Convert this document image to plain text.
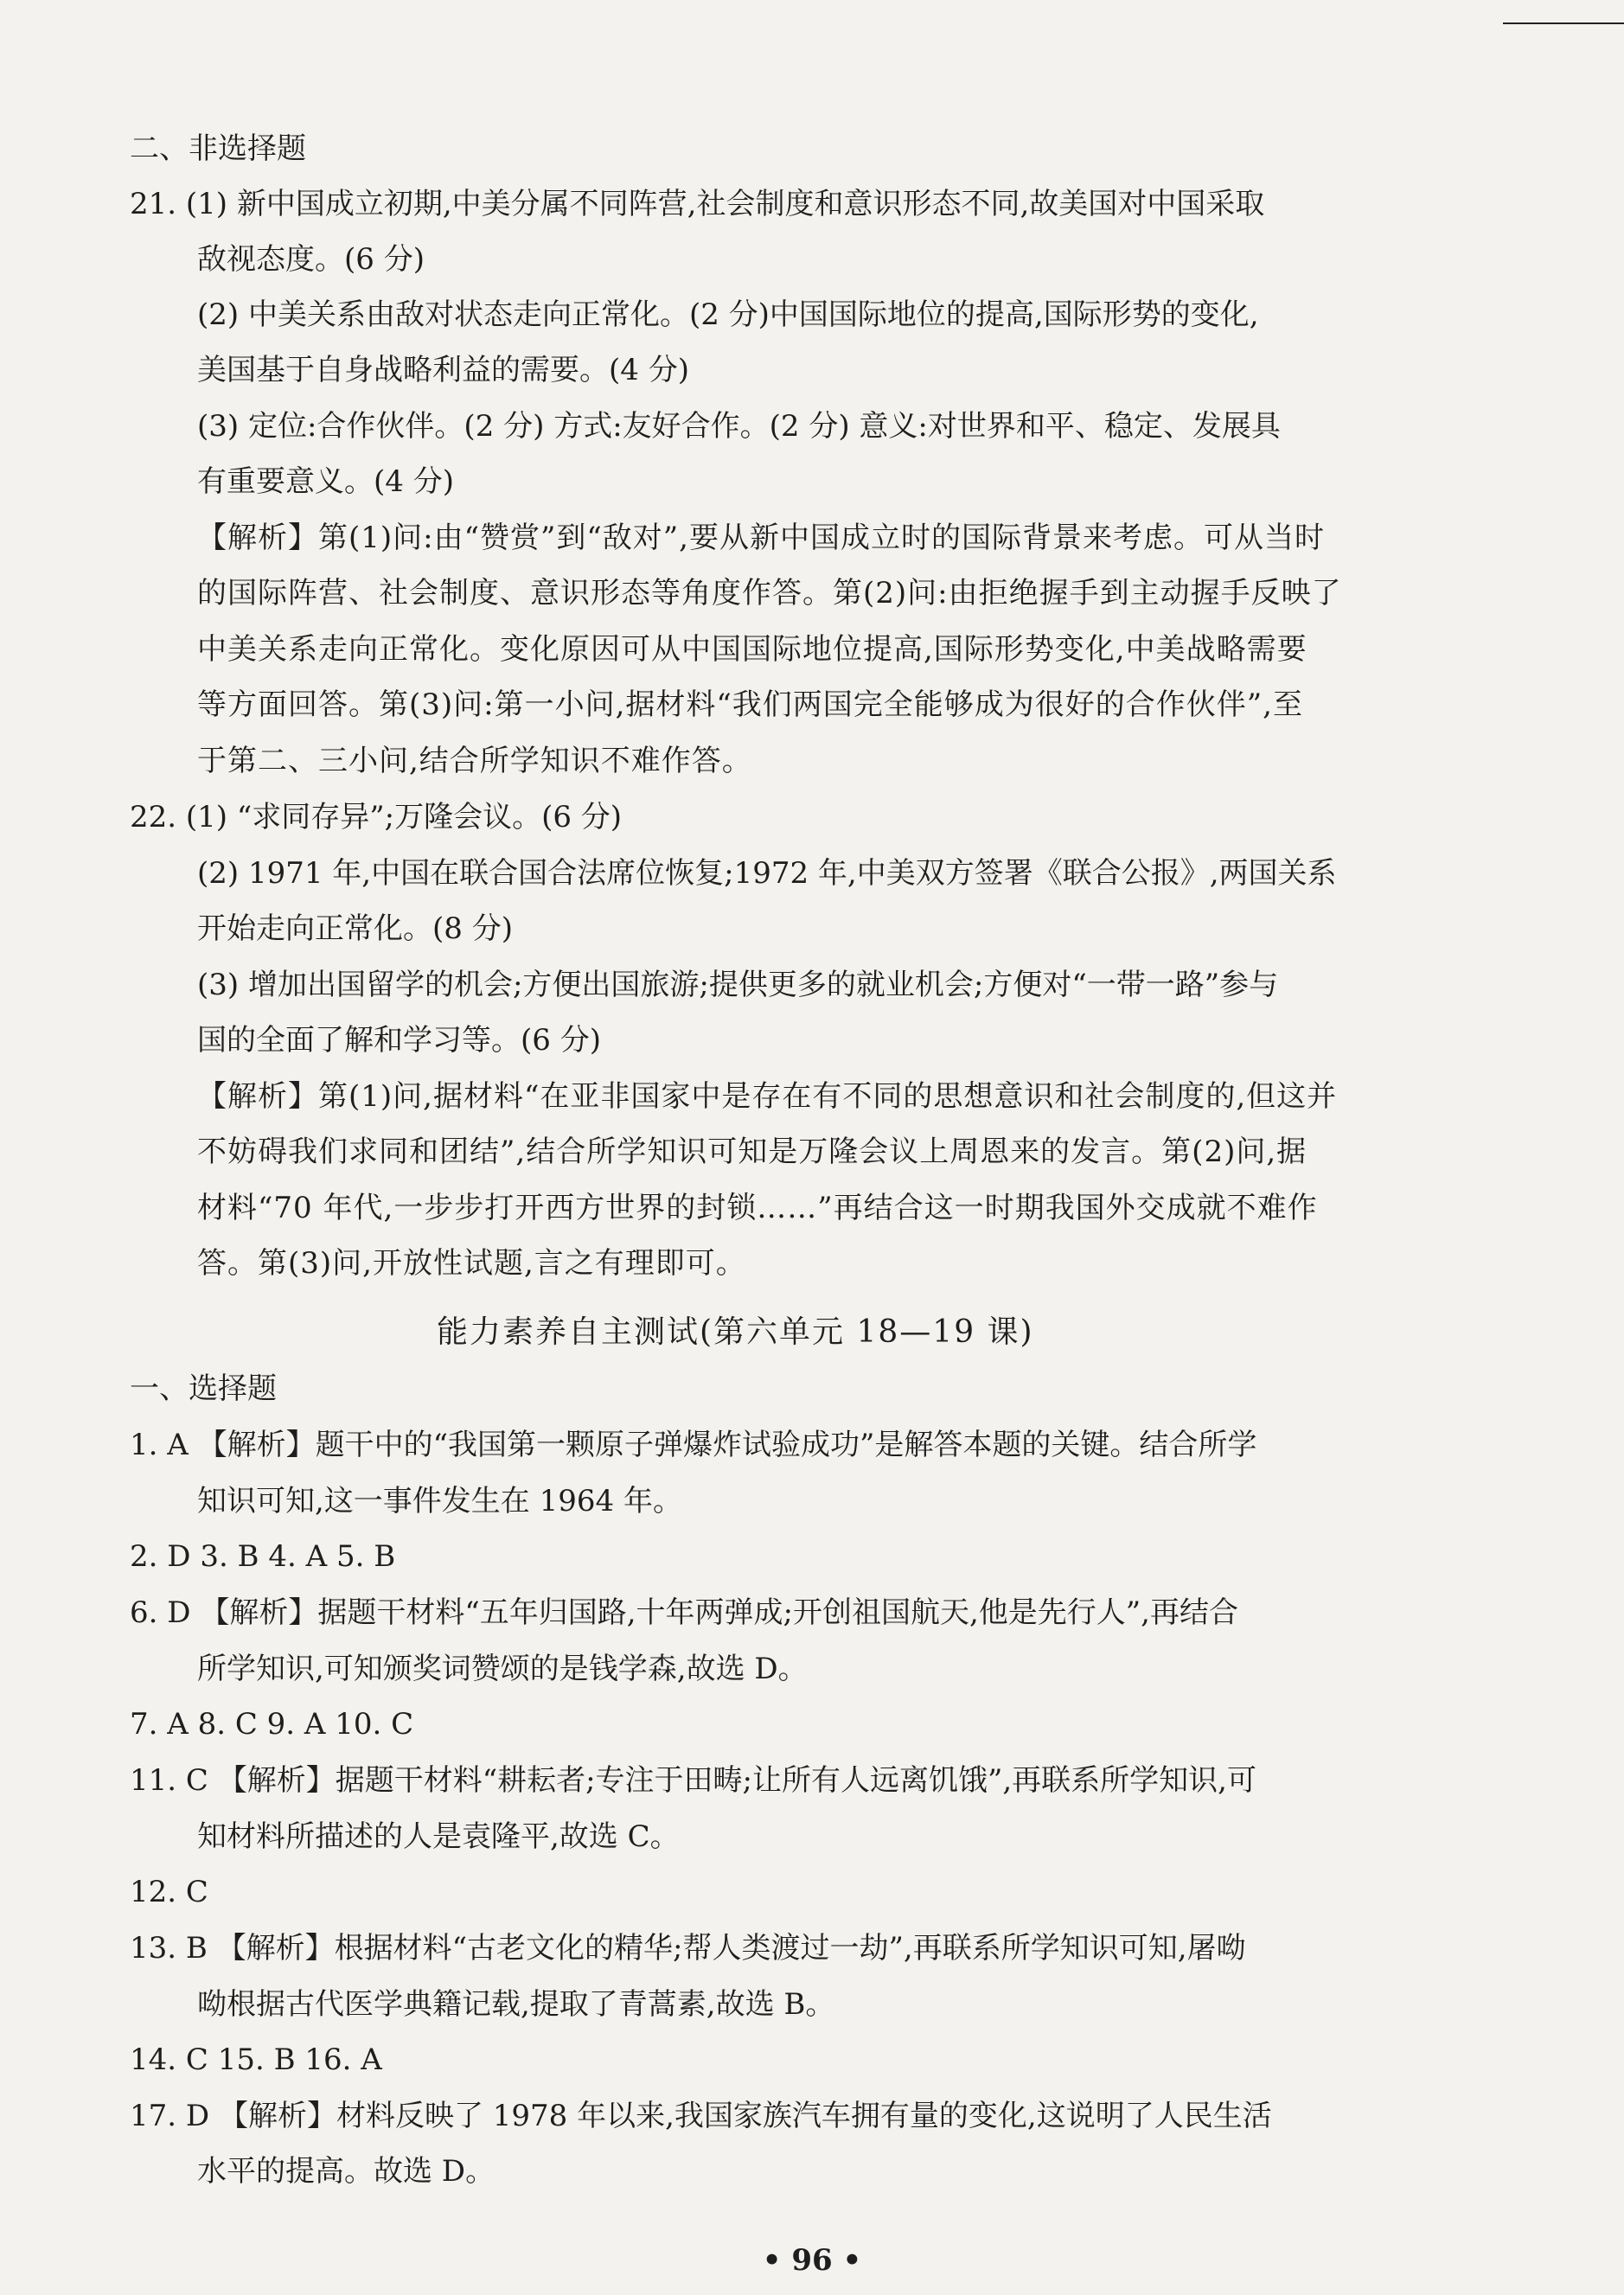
二、非选择题
21. (1) 新中国成立初期,中美分属不同阵营,社会制度和意识形态不同,故美国对中国采取
敌视态度。(6 分)
(2) 中美关系由敌对状态走向正常化。(2 分)中国国际地位的提高,国际形势的变化,
美国基于自身战略利益的需要。(4 分)
(3) 定位:合作伙伴。(2 分) 方式:友好合作。(2 分) 意义:对世界和平、稳定、发展具
有重要意义。(4 分)
【解析】第(1)问:由“赞赏”到“敌对”,要从新中国成立时的国际背景来考虑。可从当时
的国际阵营、社会制度、意识形态等角度作答。第(2)问:由拒绝握手到主动握手反映了
中美关系走向正常化。变化原因可从中国国际地位提高,国际形势变化,中美战略需要
等方面回答。第(3)问:第一小问,据材料“我们两国完全能够成为很好的合作伙伴”,至
于第二、三小问,结合所学知识不难作答。
22. (1) “求同存异”;万隆会议。(6 分)
(2) 1971 年,中国在联合国合法席位恢复;1972 年,中美双方签署《联合公报》,两国关系
开始走向正常化。(8 分)
(3) 增加出国留学的机会;方便出国旅游;提供更多的就业机会;方便对“一带一路”参与
国的全面了解和学习等。(6 分)
【解析】第(1)问,据材料“在亚非国家中是存在有不同的思想意识和社会制度的,但这并
不妨碍我们求同和团结”,结合所学知识可知是万隆会议上周恩来的发言。第(2)问,据
材料“70 年代,一步步打开西方世界的封锁……”再结合这一时期我国外交成就不难作
答。第(3)问,开放性试题,言之有理即可。
能力素养自主测试(第六单元 18—19 课)
一、选择题
1. A 【解析】题干中的“我国第一颗原子弹爆炸试验成功”是解答本题的关键。结合所学
知识可知,这一事件发生在 1964 年。
2. D 3. B 4. A 5. B
6. D 【解析】据题干材料“五年归国路,十年两弹成;开创祖国航天,他是先行人”,再结合
所学知识,可知颁奖词赞颂的是钱学森,故选 D。
7. A 8. C 9. A 10. C
11. C 【解析】据题干材料“耕耘者;专注于田畴;让所有人远离饥饿”,再联系所学知识,可
知材料所描述的人是袁隆平,故选 C。
12. C
13. B 【解析】根据材料“古老文化的精华;帮人类渡过一劫”,再联系所学知识可知,屠呦
呦根据古代医学典籍记载,提取了青蒿素,故选 B。
14. C 15. B 16. A
17. D 【解析】材料反映了 1978 年以来,我国家族汽车拥有量的变化,这说明了人民生活
水平的提高。故选 D。
• 96 •
